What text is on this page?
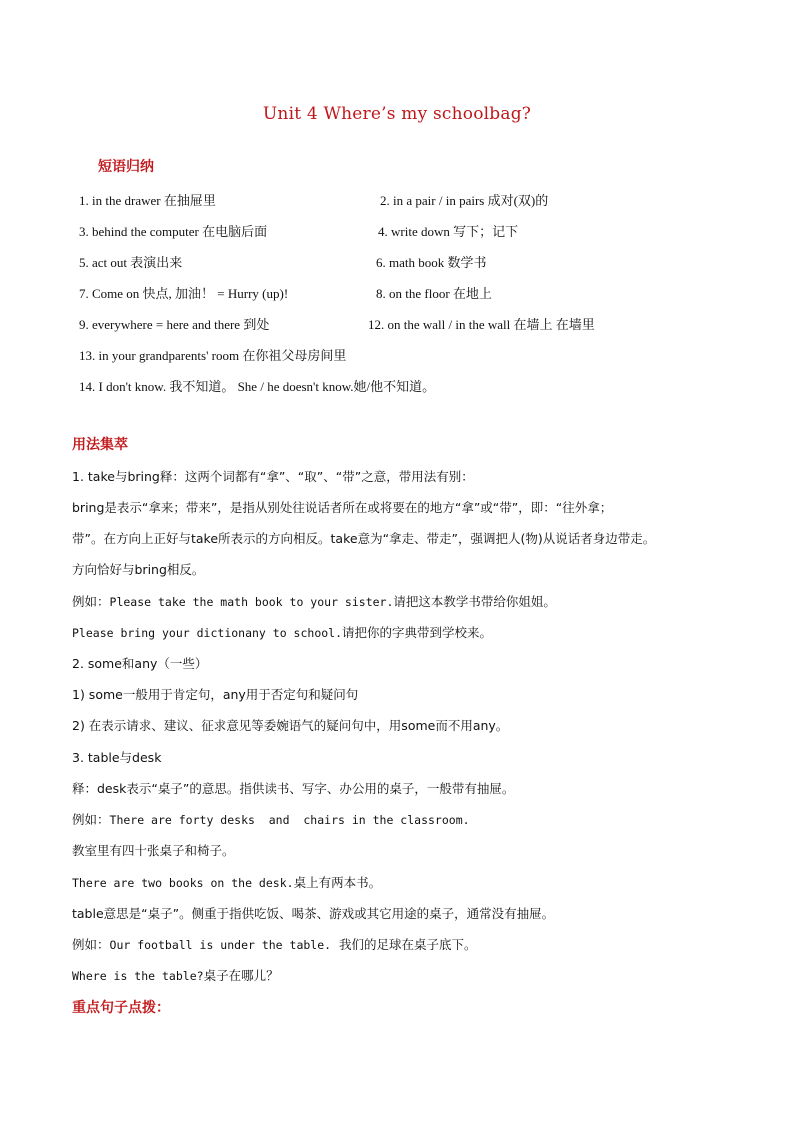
Unit 4 Where’s my schoolbag?
短语归纳
1. in the drawer 在抽屉里	2. in a pair / in pairs 成对(双)的
3. behind the computer 在电脑后面	4. write down 写下；记下
5. act out 表演出来	6. math book 数学书
7. Come on 快点, 加油！ = Hurry (up)!	8. on the floor 在地上
9. everywhere = here and there 到处	12. on the wall / in the wall 在墙上 在墙里
13. in your grandparents' room 在你祖父母房间里
14. I don't know. 我不知道。 She / he doesn't know.她/他不知道。
用法集萃
1. take与bring释：这两个词都有“拿”、“取”、“带”之意，带用法有别：
bring是表示“拿来；带来”，是指从别处往说话者所在或将要在的地方“拿”或“带”，即：“往外拿；
带”。在方向上正好与take所表示的方向相反。take意为“拿走、带走”，强调把人(物)从说话者身边带走。
方向恰好与bring相反。
例如：Please take the math book to your sister.请把这本教学书带给你姐姐。
Please bring your dictionany to school.请把你的字典带到学校来。
2. some和any（一些）
1) some一般用于肯定句，any用于否定句和疑问句
2) 在表示请求、建议、征求意见等委婉语气的疑问句中，用some而不用any。
3. table与desk
释：desk表示“桌子”的意思。指供读书、写字、办公用的桌子，一般带有抽屉。
例如：There are forty desks  and  chairs in the classroom.
教室里有四十张桌子和椅子。
There are two books on the desk.桌上有两本书。
table意思是“桌子”。侧重于指供吃饭、喝茶、游戏或其它用途的桌子，通常没有抽屉。
例如：Our football is under the table.  我们的足球在桌子底下。
Where is the table?桌子在哪儿？
重点句子点拨：
